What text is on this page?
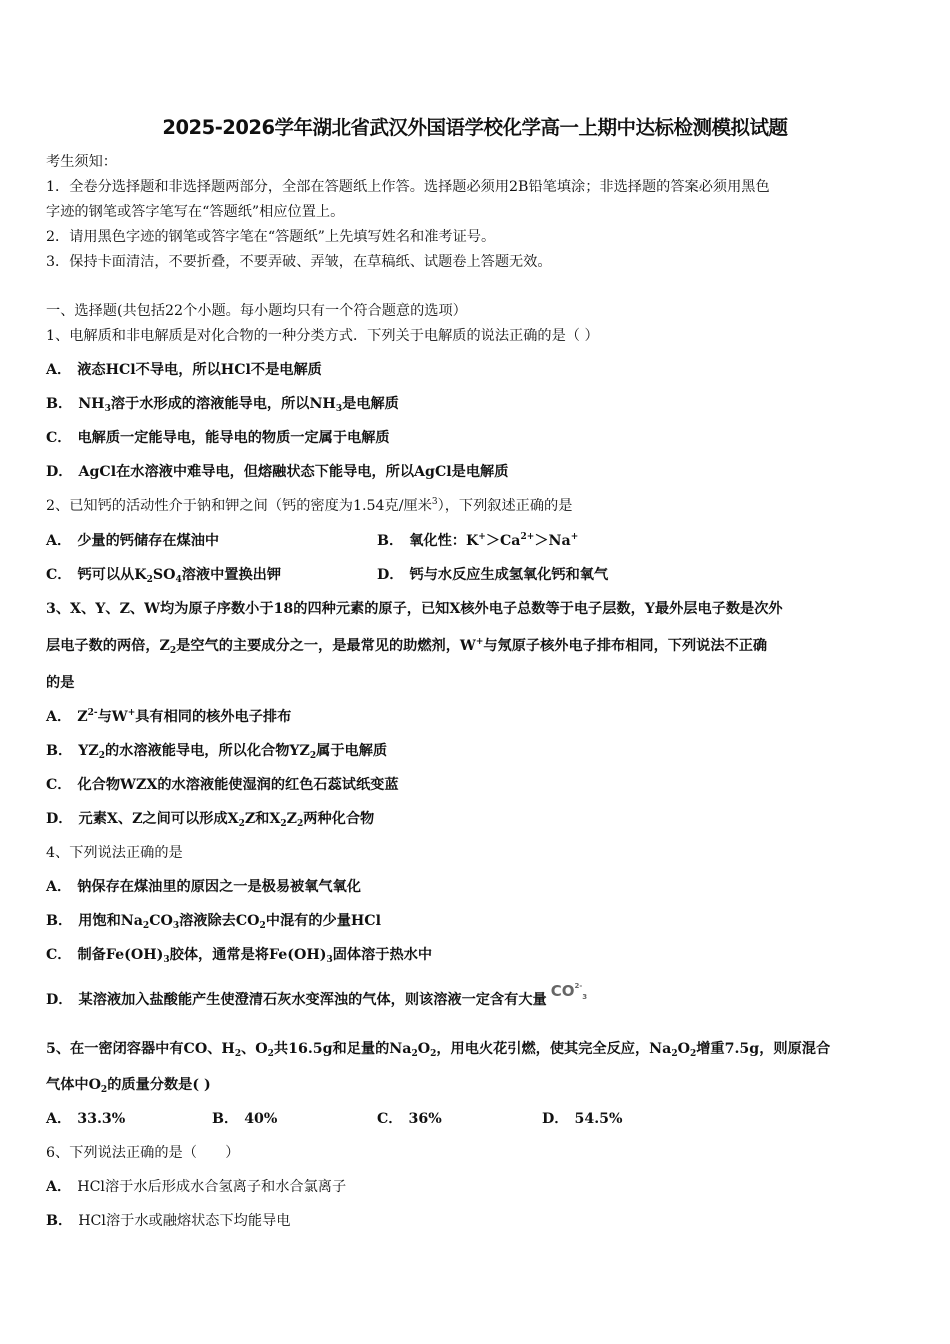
2025-2026学年湖北省武汉外国语学校化学高一上期中达标检测模拟试题
考生须知：
1．全卷分选择题和非选择题两部分，全部在答题纸上作答。选择题必须用2B铅笔填涂；非选择题的答案必须用黑色
字迹的钢笔或答字笔写在“答题纸”相应位置上。
2．请用黑色字迹的钢笔或答字笔在“答题纸”上先填写姓名和准考证号。
3．保持卡面清洁，不要折叠，不要弄破、弄皱，在草稿纸、试题卷上答题无效。
一、选择题(共包括22个小题。每小题均只有一个符合题意的选项）
1、电解质和非电解质是对化合物的一种分类方式．下列关于电解质的说法正确的是（ ）
A． 液态HCl不导电，所以HCl不是电解质
B． $NH_3$溶于水形成的溶液能导电，所以$NH_3$是电解质
C． 电解质一定能导电，能导电的物质一定属于电解质
D． AgCl在水溶液中难导电，但熔融状态下能导电，所以AgCl是电解质
2、已知钙的活动性介于钠和钾之间（钙的密度为1.54克/厘米$^3$），下列叙述正确的是
A． 少量的钙储存在煤油中	B． 氧化性：$K^+>Ca^{2+}>Na^+$
C． 钙可以从$K_2SO_4$溶液中置换出钾	D． 钙与水反应生成氢氧化钙和氧气
3、X、Y、Z、W均为原子序数小于18的四种元素的原子，已知X核外电子总数等于电子层数，Y最外层电子数是次外
层电子数的两倍，$Z_2$是空气的主要成分之一，是最常见的助燃剂，W+与氖原子核外电子排布相同，下列说法不正确
的是
A． $Z^{2-}$与W+具有相同的核外电子排布
B． $YZ_2$的水溶液能导电，所以化合物$YZ_2$属于电解质
C． 化合物WZX的水溶液能使湿润的红色石蕊试纸变蓝
D． 元素X、Z之间可以形成$X_2Z$和$X_2Z_2$两种化合物
4、下列说法正确的是
A． 钠保存在煤油里的原因之一是极易被氧气氧化
B． 用饱和$Na_2CO_3$溶液除去$CO_2$中混有的少量HCl
C． 制备$Fe(OH)_3$胶体，通常是将$Fe(OH)_3$固体溶于热水中
D． 某溶液加入盐酸能产生使澄清石灰水变浑浊的气体，则该溶液一定含有大量 $CO^{2-}_3$
5、在一密闭容器中有CO、$H_2$、$O_2$共16.5g和足量的$Na_2O_2$，用电火花引燃，使其完全反应，$Na_2O_2$增重7.5g，则原混合
气体中$O_2$的质量分数是( )
A． 33.3%	B． 40%	C． 36%	D． 54.5%
6、下列说法正确的是（　　）
A． HCl溶于水后形成水合氢离子和水合氯离子
B． HCl溶于水或融熔状态下均能导电
